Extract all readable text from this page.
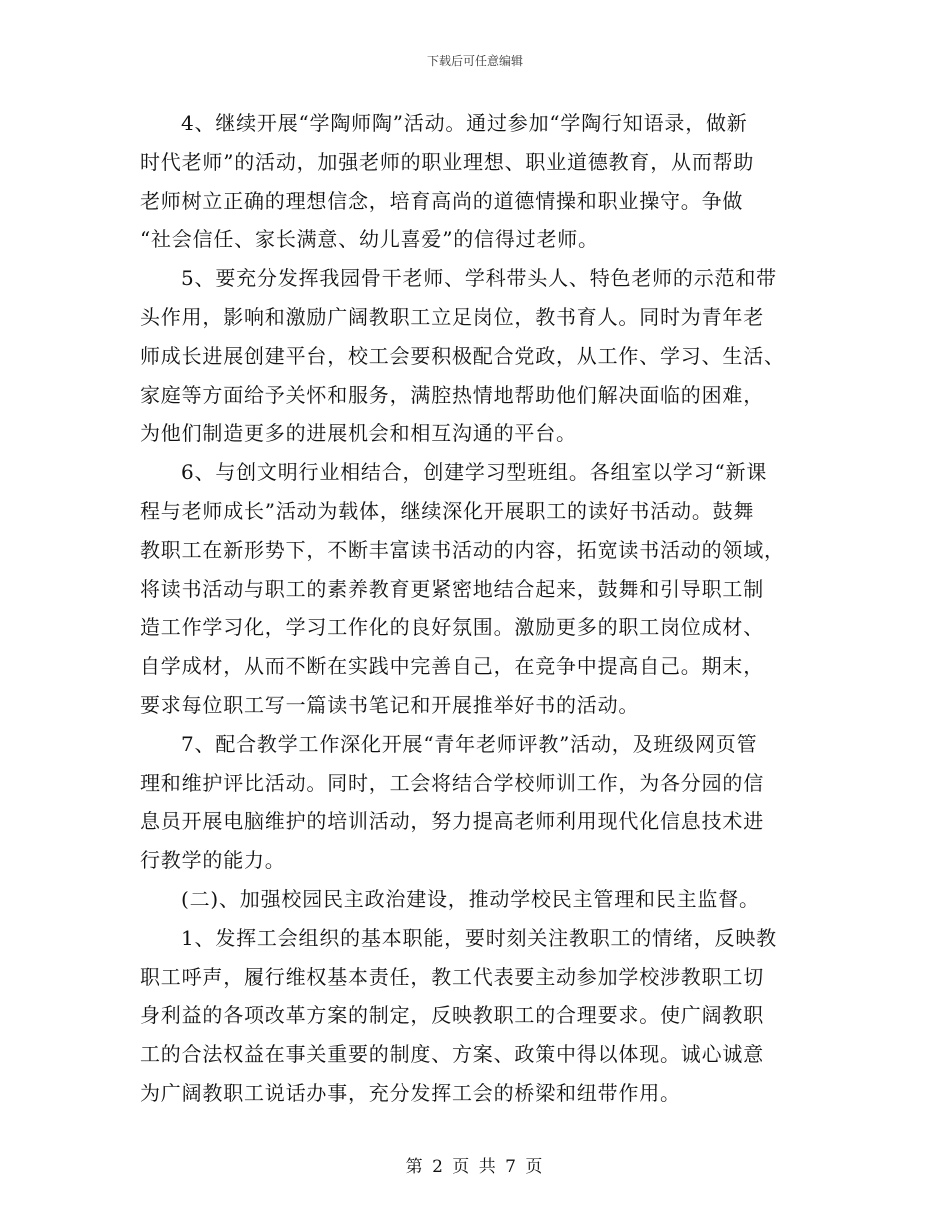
下载后可任意编辑

4、继续开展“学陶师陶”活动。通过参加“学陶行知语录，做新
时代老师”的活动，加强老师的职业理想、职业道德教育，从而帮助
老师树立正确的理想信念，培育高尚的道德情操和职业操守。争做
“社会信任、家长满意、幼儿喜爱”的信得过老师。

5、要充分发挥我园骨干老师、学科带头人、特色老师的示范和带
头作用，影响和激励广阔教职工立足岗位，教书育人。同时为青年老
师成长进展创建平台，校工会要积极配合党政，从工作、学习、生活、
家庭等方面给予关怀和服务，满腔热情地帮助他们解决面临的困难，
为他们制造更多的进展机会和相互沟通的平台。

6、与创文明行业相结合，创建学习型班组。各组室以学习“新课
程与老师成长”活动为载体，继续深化开展职工的读好书活动。鼓舞
教职工在新形势下，不断丰富读书活动的内容，拓宽读书活动的领域，
将读书活动与职工的素养教育更紧密地结合起来，鼓舞和引导职工制
造工作学习化，学习工作化的良好氛围。激励更多的职工岗位成材、
自学成材，从而不断在实践中完善自己，在竞争中提高自己。期末，
要求每位职工写一篇读书笔记和开展推举好书的活动。

7、配合教学工作深化开展“青年老师评教”活动，及班级网页管
理和维护评比活动。同时，工会将结合学校师训工作，为各分园的信
息员开展电脑维护的培训活动，努力提高老师利用现代化信息技术进
行教学的能力。

(二)、加强校园民主政治建设，推动学校民主管理和民主监督。

1、发挥工会组织的基本职能，要时刻关注教职工的情绪，反映教
职工呼声，履行维权基本责任，教工代表要主动参加学校涉教职工切
身利益的各项改革方案的制定，反映教职工的合理要求。使广阔教职
工的合法权益在事关重要的制度、方案、政策中得以体现。诚心诚意
为广阔教职工说话办事，充分发挥工会的桥梁和纽带作用。

第 2 页 共 7 页
